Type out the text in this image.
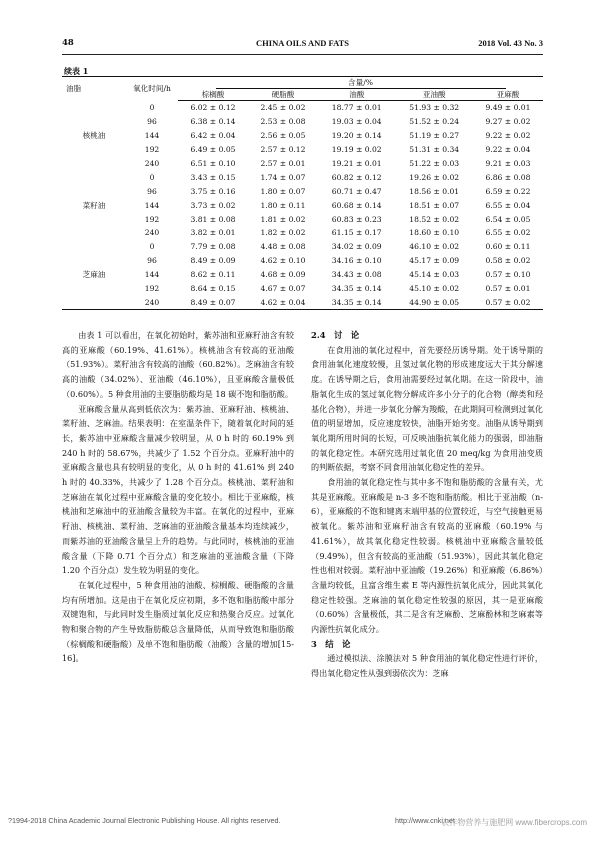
48	CHINA OILS AND FATS	2018 Vol. 43 No. 3
续表 1
油脂	氧化时间/h	含量/%				
		棕榈酸	硬脂酸	油酸	亚油酸	亚麻酸
	0	6.02 ± 0.12	2.45 ± 0.02	18.77 ± 0.01	51.93 ± 0.32	9.49 ± 0.01
	96	6.38 ± 0.14	2.53 ± 0.08	19.03 ± 0.04	51.52 ± 0.24	9.27 ± 0.02
核桃油	144	6.42 ± 0.04	2.56 ± 0.05	19.20 ± 0.14	51.19 ± 0.27	9.22 ± 0.02
	192	6.49 ± 0.05	2.57 ± 0.12	19.19 ± 0.02	51.31 ± 0.34	9.22 ± 0.04
	240	6.51 ± 0.10	2.57 ± 0.01	19.21 ± 0.01	51.22 ± 0.03	9.21 ± 0.03
	0	3.43 ± 0.15	1.74 ± 0.07	60.82 ± 0.12	19.26 ± 0.02	6.86 ± 0.08
	96	3.75 ± 0.16	1.80 ± 0.07	60.71 ± 0.47	18.56 ± 0.01	6.59 ± 0.22
菜籽油	144	3.73 ± 0.02	1.80 ± 0.11	60.68 ± 0.14	18.51 ± 0.07	6.55 ± 0.04
	192	3.81 ± 0.08	1.81 ± 0.02	60.83 ± 0.23	18.52 ± 0.02	6.54 ± 0.05
	240	3.82 ± 0.01	1.82 ± 0.02	61.15 ± 0.17	18.60 ± 0.10	6.55 ± 0.02
	0	7.79 ± 0.08	4.48 ± 0.08	34.02 ± 0.09	46.10 ± 0.02	0.60 ± 0.11
	96	8.49 ± 0.09	4.62 ± 0.10	34.16 ± 0.10	45.17 ± 0.09	0.58 ± 0.02
芝麻油	144	8.62 ± 0.11	4.68 ± 0.09	34.43 ± 0.08	45.14 ± 0.03	0.57 ± 0.10
	192	8.64 ± 0.15	4.67 ± 0.07	34.35 ± 0.14	45.10 ± 0.02	0.57 ± 0.01
	240	8.49 ± 0.07	4.62 ± 0.04	34.35 ± 0.14	44.90 ± 0.05	0.57 ± 0.02

由表 1 可以看出，在氧化初始时，紫苏油和亚麻籽油含有较高的亚麻酸（60.19%、41.61%）。核桃油含有较高的亚油酸（51.93%）。菜籽油含有较高的油酸（60.82%）。芝麻油含有较高的油酸（34.02%）、亚油酸（46.10%），且亚麻酸含量极低（0.60%）。5 种食用油的主要脂肪酸均是 18 碳不饱和脂肪酸。

亚麻酸含量从高到低依次为：紫苏油、亚麻籽油、核桃油、菜籽油、芝麻油。结果表明：在室温条件下，随着氧化时间的延长，紫苏油中亚麻酸含量减少较明显，从 0 h 时的 60.19% 到 240 h 时的 58.67%，共减少了 1.52 个百分点。亚麻籽油中的亚麻酸含量也具有较明显的变化，从 0 h 时的 41.61% 到 240 h 时的 40.33%，共减少了 1.28 个百分点。核桃油、菜籽油和芝麻油在氧化过程中亚麻酸含量的变化较小。相比于亚麻酸，核桃油和芝麻油中的亚油酸含量较为丰富。在氧化的过程中，亚麻籽油、核桃油、菜籽油、芝麻油的亚油酸含量基本均连续减少，而紫苏油的亚油酸含量呈上升的趋势。与此同时，核桃油的亚油酸含量（下降 0.71 个百分点）和芝麻油的亚油酸含量（下降 1.20 个百分点）发生较为明显的变化。

在氧化过程中，5 种食用油的油酸、棕榈酸、硬脂酸的含量均有所增加。这是由于在氧化反应初期，多不饱和脂肪酸中部分双键饱和，与此同时发生脂质过氧化反应和热聚合反应。过氧化物和聚合物的产生导致脂肪酸总含量降低，从而导致饱和脂肪酸（棕榈酸和硬脂酸）及单不饱和脂肪酸（油酸）含量的增加[15-16]。

2.4　讨　论

在食用油的氧化过程中，首先要经历诱导期。处于诱导期的食用油氧化速度较慢，且氢过氧化物的形成速度远大于其分解速度。在诱导期之后，食用油需要经过氧化期。在这一阶段中，油脂氧化生成的氢过氧化物分解成许多小分子的化合物（醇类和羟基化合物），并进一步氧化分解为羧酸，在此期间可检测到过氧化值的明显增加，反应速度较快，油脂开始劣变。油脂从诱导期到氧化期所用时间的长短，可反映油脂抗氧化能力的强弱，即油脂的氧化稳定性。本研究选用过氧化值 20 meq/kg 为食用油变质的判断依据，考察不同食用油氧化稳定性的差异。

食用油的氧化稳定性与其中多不饱和脂肪酸的含量有关，尤其是亚麻酸。亚麻酸是 n-3 多不饱和脂肪酸。相比于亚油酸（n-6），亚麻酸的不饱和键离末端甲基的位置较近，与空气接触更易被氧化。紫苏油和亚麻籽油含有较高的亚麻酸（60.19% 与 41.61%），故其氧化稳定性较弱。核桃油中亚麻酸含量较低（9.49%），但含有较高的亚油酸（51.93%），因此其氧化稳定性也相对较弱。菜籽油中亚油酸（19.26%）和亚麻酸（6.86%）含量均较低，且富含维生素 E 等内源性抗氧化成分，因此其氧化稳定性较强。芝麻油的氧化稳定性较强的原因，其一是亚麻酸（0.60%）含量极低，其二是含有芝麻酚、芝麻酚林和芝麻素等内源性抗氧化成分。

3　结　论

通过模拟法、涂膜法对 5 种食用油的氧化稳定性进行评价，得出氧化稳定性从强到弱依次为：芝麻

?1994-2018 China Academic Journal Electronic Publishing House. All rights reserved.	http://www.cnki.net
农作物营养与施肥网 www.fibercrops.com
